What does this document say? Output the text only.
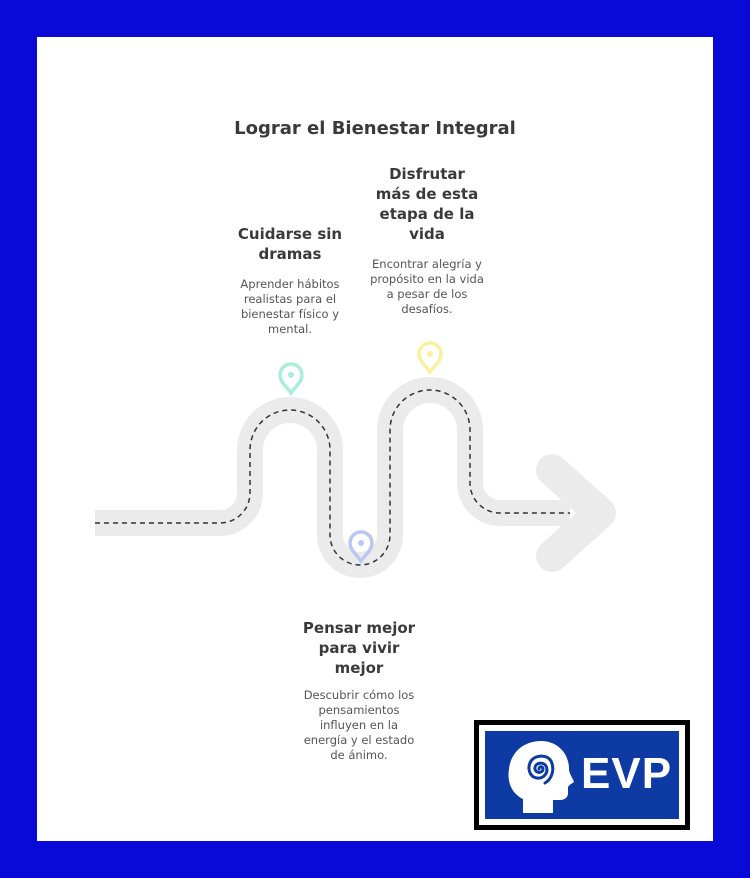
Lograr el Bienestar Integral
Cuidarse sin
dramas
Aprender hábitos
realistas para el
bienestar físico y
mental.
Disfrutar
más de esta
etapa de la
vida
Encontrar alegría y
propósito en la vida
a pesar de los
desafíos.
Pensar mejor
para vivir
mejor
Descubrir cómo los
pensamientos
influyen en la
energía y el estado
de ánimo.	EVP
